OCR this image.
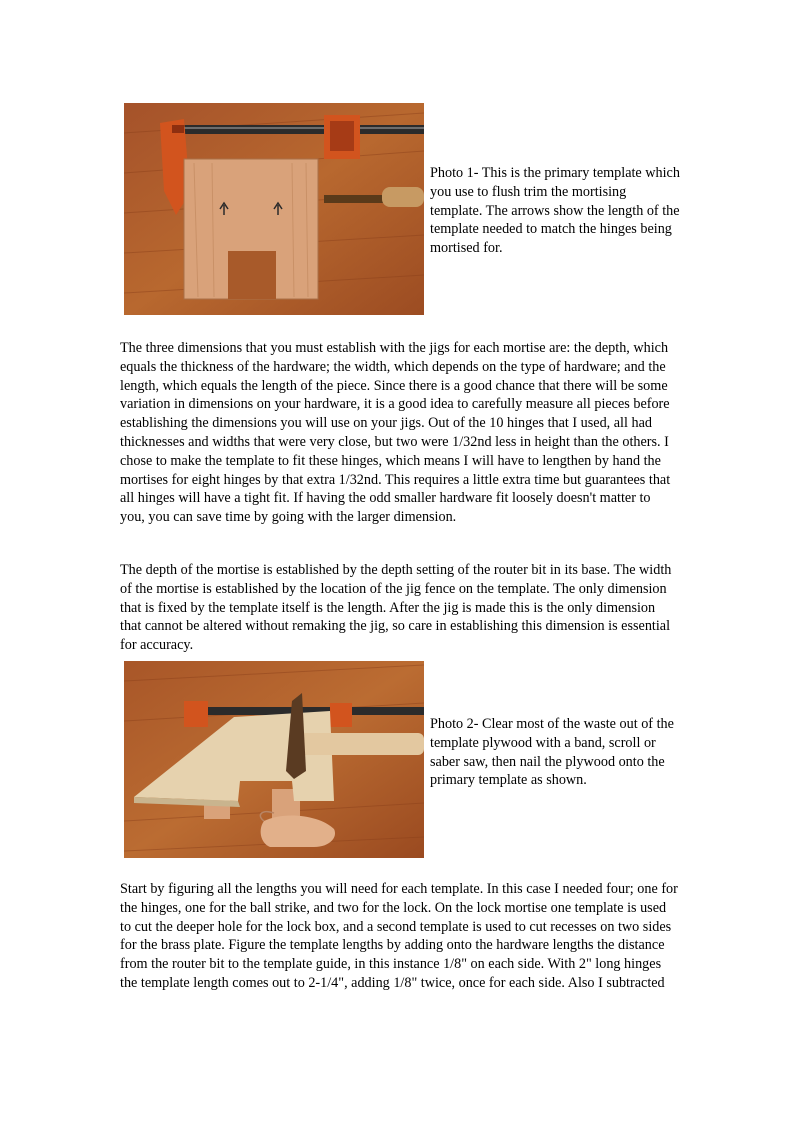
Photo 1- This is the primary template which you use to flush trim the mortising template. The arrows show the length of the template needed to match the hinges being mortised for.

The three dimensions that you must establish with the jigs for each mortise are: the depth, which equals the thickness of the hardware; the width, which depends on the type of hardware; and the length, which equals the length of the piece. Since there is a good chance that there will be some variation in dimensions on your hardware, it is a good idea to carefully measure all pieces before establishing the dimensions you will use on your jigs. Out of the 10 hinges that I used, all had thicknesses and widths that were very close, but two were 1/32nd less in height than the others. I chose to make the template to fit these hinges, which means I will have to lengthen by hand the mortises for eight hinges by that extra 1/32nd. This requires a little extra time but guarantees that all hinges will have a tight fit. If having the odd smaller hardware fit loosely doesn't matter to you, you can save time by going with the larger dimension.

The depth of the mortise is established by the depth setting of the router bit in its base. The width of the mortise is established by the location of the jig fence on the template. The only dimension that is fixed by the template itself is the length. After the jig is made this is the only dimension that cannot be altered without remaking the jig, so care in establishing this dimension is essential for accuracy.

Photo 2- Clear most of the waste out of the template plywood with a band, scroll or saber saw, then nail the plywood onto the primary template as shown.

Start by figuring all the lengths you will need for each template. In this case I needed four; one for the hinges, one for the ball strike, and two for the lock. On the lock mortise one template is used to cut the deeper hole for the lock box, and a second template is used to cut recesses on two sides for the brass plate. Figure the template lengths by adding onto the hardware lengths the distance from the router bit to the template guide, in this instance 1/8" on each side. With 2" long hinges the template length comes out to 2-1/4", adding 1/8" twice, once for each side. Also I subtracted
